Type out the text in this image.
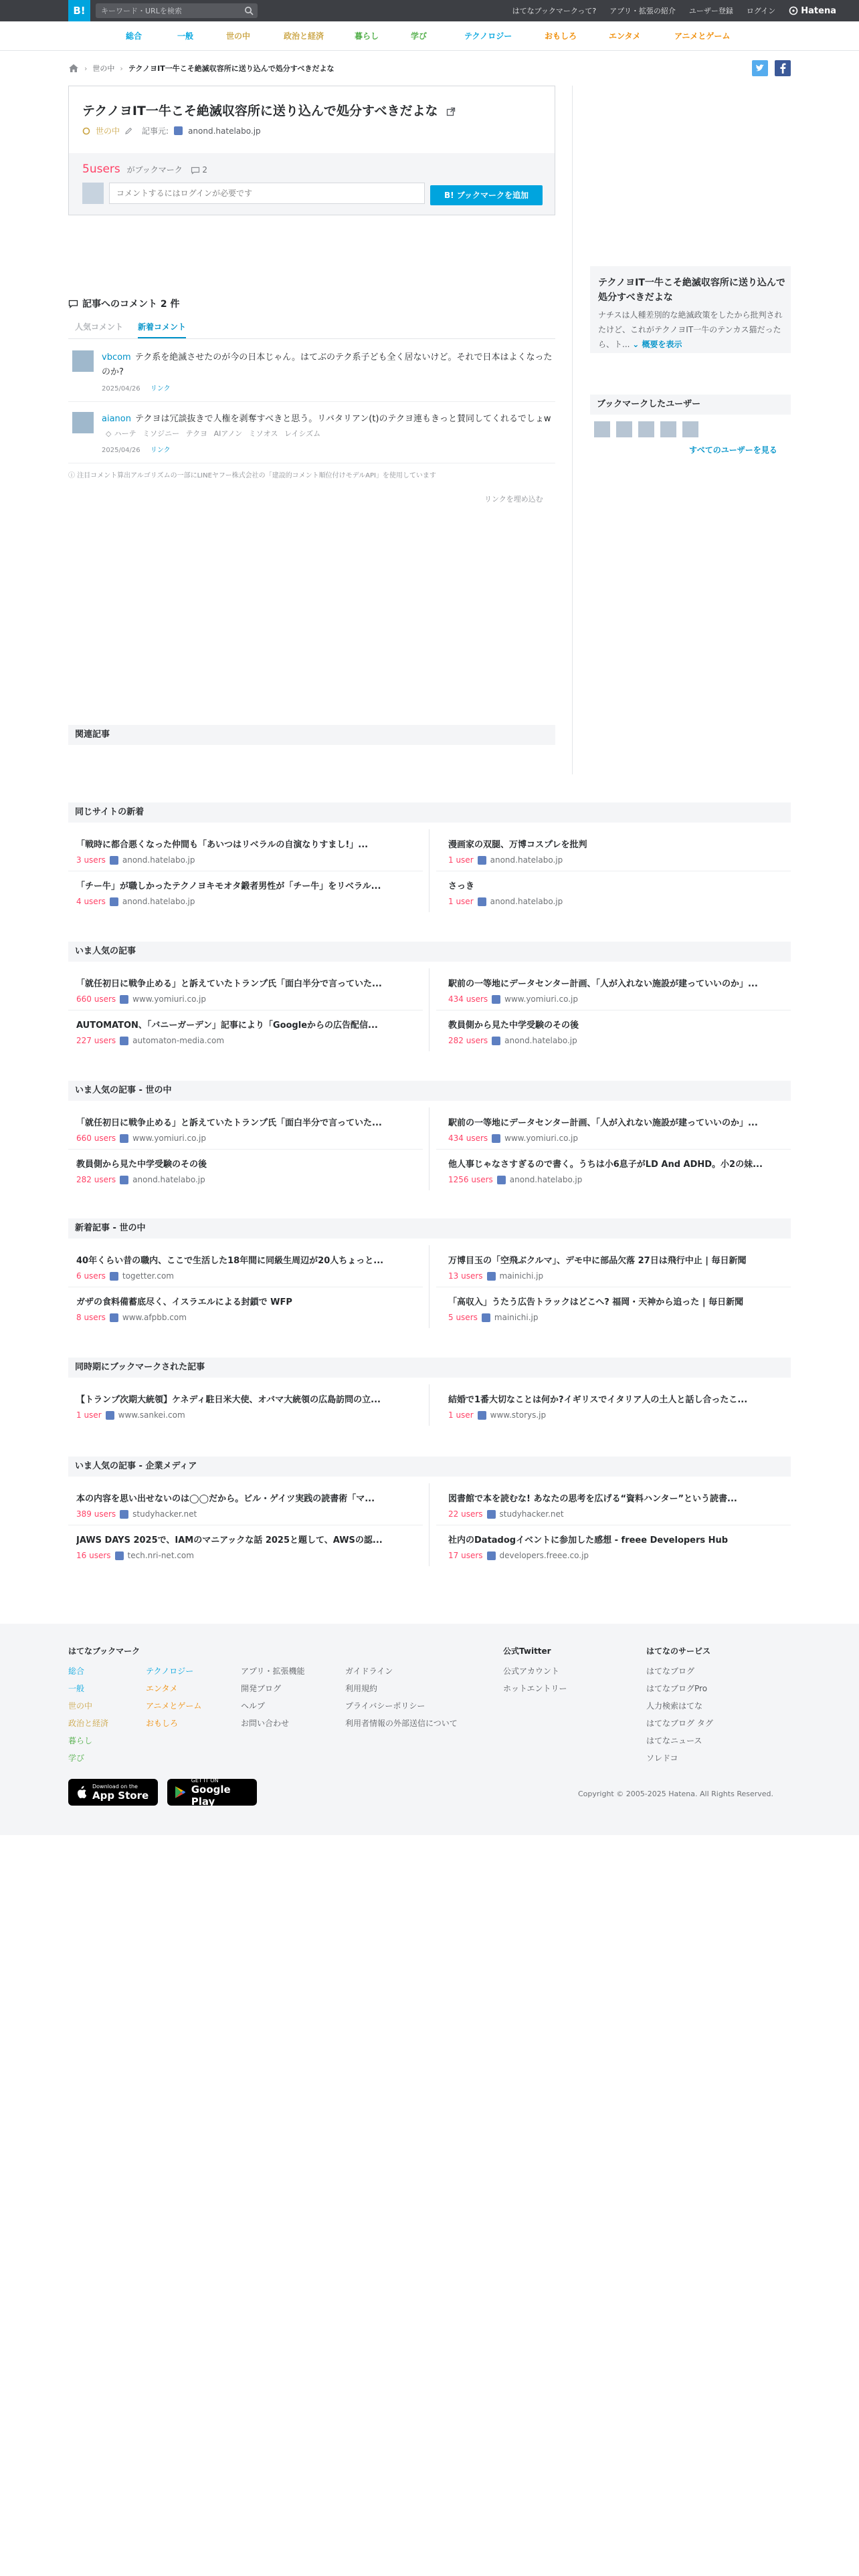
B!
キーワード・URLを検索	はてなブックマークって? アプリ・拡張の紹介 ユーザー登録 ログイン	Hatena
総合	一般	世の中	政治と経済	暮らし	学び	テクノロジー	おもしろ	エンタメ	アニメとゲーム
› 世の中 › テクノヨIT一牛こそ絶滅収容所に送り込んで処分すべきだよな
テクノヨIT一牛こそ絶滅収容所に送り込んで処分すべきだよな
世の中	記事元: anond.hatelabo.jp
5users がブックマーク 2
コメントするにはログインが必要です
B! ブックマークを追加
記事へのコメント 2 件
人気コメント 新着コメント
vbcom テク系を絶滅させたのが今の日本じゃん。はてぶのテク系子ども全く居ないけど。それで日本はよくなったのか?
2025/04/26 リンク
aianon テクヨは冗談抜きで人権を剥奪すべきと思う。リバタリアン(t)のテクヨ連もきっと賛同してくれるでしょw ◇ ハーテ ミソジニー テクヨ AIアノン ミソオス レイシズム
2025/04/26 リンク
ⓘ 注目コメント算出アルゴリズムの一部にLINEヤフー株式会社の「建設的コメント順位付けモデルAPI」を使用しています
リンクを埋め込む
テクノヨIT一牛こそ絶滅収容所に送り込んで処分すべきだよな
ナチスは人種差別的な絶滅政策をしたから批判されたけど、これがテクノヨIT一牛のテンカス猫だったら、ト... ⌄ 概要を表示
ブックマークしたユーザー
すべてのユーザーを見る
関連記事
同じサイトの新着
「戦時に都合悪くなった仲間も「あいつはリベラルの自演なりすまし!」...
3 users anond.hatelabo.jp
漫画家の双腿、万博コスプレを批判
1 user anond.hatelabo.jp
「チー牛」が職しかったテクノヨキモオタ鍛者男性が「チー牛」をリベラル...
4 users anond.hatelabo.jp
さっき
1 user anond.hatelabo.jp
いま人気の記事
「就任初日に戦争止める」と訴えていたトランプ氏「面白半分で言っていた...
660 users www.yomiuri.co.jp
駅前の一等地にデータセンター計画、「人が入れない施設が建っていいのか」...
434 users www.yomiuri.co.jp
AUTOMATON、「バニーガーデン」記事により「Googleからの広告配信...
227 users automaton-media.com
教員側から見た中学受験のその後
282 users anond.hatelabo.jp
いま人気の記事 - 世の中
「就任初日に戦争止める」と訴えていたトランプ氏「面白半分で言っていた...
660 users www.yomiuri.co.jp
駅前の一等地にデータセンター計画、「人が入れない施設が建っていいのか」...
434 users www.yomiuri.co.jp
教員側から見た中学受験のその後
282 users anond.hatelabo.jp
他人事じゃなさすぎるので書く。うちは小6息子がLD And ADHD。小2の妹...
1256 users anond.hatelabo.jp
新着記事 - 世の中
40年くらい昔の職内、ここで生活した18年間に同級生周辺が20人ちょっと...
6 users togetter.com
万博目玉の「空飛ぶクルマ」、デモ中に部品欠落 27日は飛行中止 | 毎日新聞
13 users mainichi.jp
ガザの食料備蓄底尽く、イスラエルによる封鎖で WFP
8 users www.afpbb.com
「高収入」うたう広告トラックはどこへ? 福岡・天神から追った | 毎日新聞
5 users mainichi.jp
同時期にブックマークされた記事
【トランプ次期大統領】ケネディ駐日米大使、オバマ大統領の広島訪問の立...
1 user www.sankei.com
結婚で1番大切なことは何か?イギリスでイタリア人の土人と話し合ったこ...
1 user www.storys.jp
いま人気の記事 - 企業メディア
本の内容を思い出せないのは◯◯だから。ビル・ゲイツ実践の読書術「マ...
389 users studyhacker.net
図書館で本を読むな! あなたの思考を広げる“資料ハンター”という読書...
22 users studyhacker.net
JAWS DAYS 2025で、IAMのマニアックな話 2025と題して、AWSの認...
16 users tech.nri-net.com
社内のDatadogイベントに参加した感想 - freee Developers Hub
17 users developers.freee.co.jp
はてなブックマーク
総合
一般
世の中
政治と経済
暮らし
学び
テクノロジー
エンタメ
アニメとゲーム
おもしろ
アプリ・拡張機能
開発ブログ
ヘルプ
お問い合わせ
ガイドライン
利用規約
プライバシーポリシー
利用者情報の外部送信について
公式Twitter
公式アカウント
ホットエントリー
はてなのサービス
はてなブログ
はてなブログPro
人力検索はてな
はてなブログ タグ
はてなニュース
ソレドコ
Download on the
App Store
GET IT ON
Google Play
Copyright © 2005-2025 Hatena. All Rights Reserved.
